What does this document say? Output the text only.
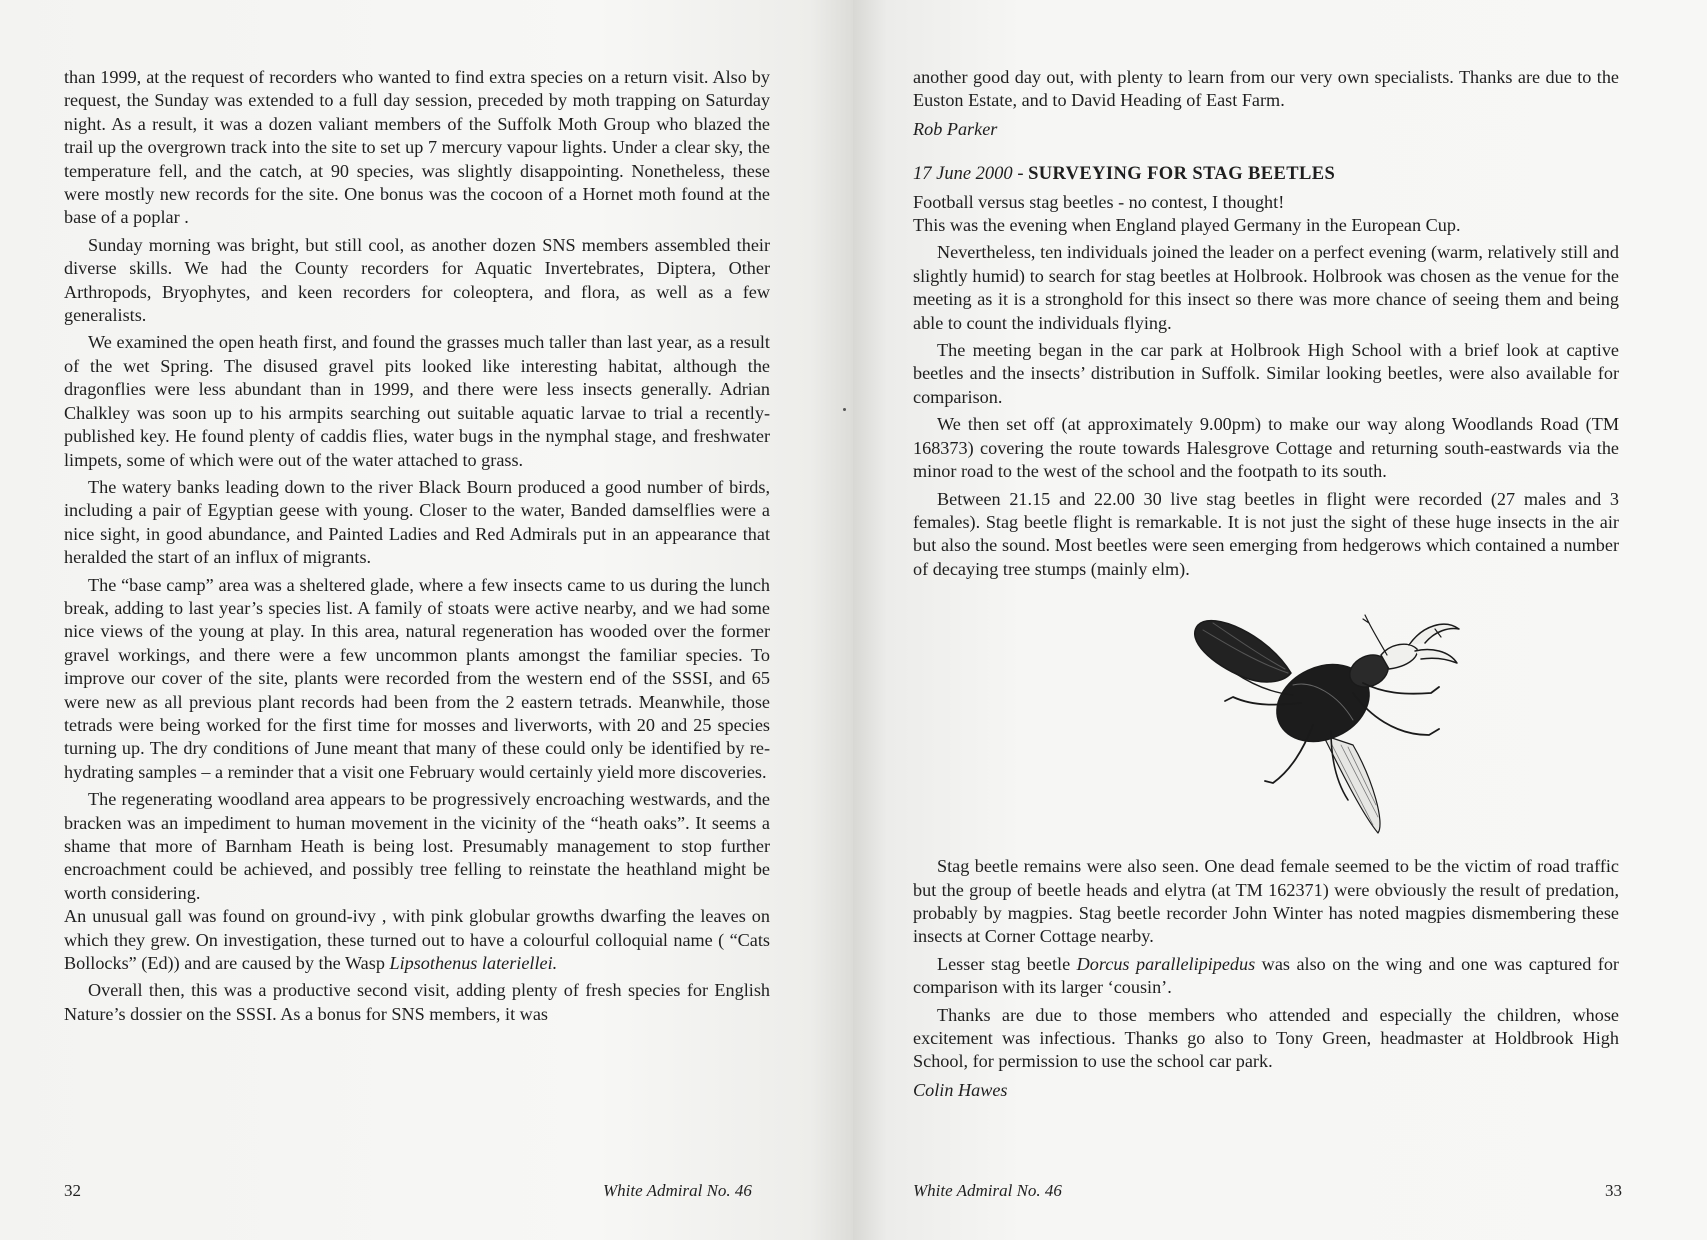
than 1999, at the request of recorders who wanted to find extra species on a return visit. Also by request, the Sunday was extended to a full day session, preceded by moth trapping on Saturday night. As a result, it was a dozen valiant members of the Suffolk Moth Group who blazed the trail up the overgrown track into the site to set up 7 mercury vapour lights. Under a clear sky, the temperature fell, and the catch, at 90 species, was slightly disappointing. Nonetheless, these were mostly new records for the site. One bonus was the cocoon of a Hornet moth found at the base of a poplar .

Sunday morning was bright, but still cool, as another dozen SNS members assembled their diverse skills. We had the County recorders for Aquatic Invertebrates, Diptera, Other Arthropods, Bryophytes, and keen recorders for coleoptera, and flora, as well as a few generalists.

We examined the open heath first, and found the grasses much taller than last year, as a result of the wet Spring. The disused gravel pits looked like interesting habitat, although the dragonflies were less abundant than in 1999, and there were less insects generally. Adrian Chalkley was soon up to his armpits searching out suitable aquatic larvae to trial a recently-published key. He found plenty of caddis flies, water bugs in the nymphal stage, and freshwater limpets, some of which were out of the water attached to grass.

The watery banks leading down to the river Black Bourn produced a good number of birds, including a pair of Egyptian geese with young. Closer to the water, Banded damselflies were a nice sight, in good abundance, and Painted Ladies and Red Admirals put in an appearance that heralded the start of an influx of migrants.

The “base camp” area was a sheltered glade, where a few insects came to us during the lunch break, adding to last year’s species list. A family of stoats were active nearby, and we had some nice views of the young at play. In this area, natural regeneration has wooded over the former gravel workings, and there were a few uncommon plants amongst the familiar species. To improve our cover of the site, plants were recorded from the western end of the SSSI, and 65 were new as all previous plant records had been from the 2 eastern tetrads. Meanwhile, those tetrads were being worked for the first time for mosses and liverworts, with 20 and 25 species turning up. The dry conditions of June meant that many of these could only be identified by re-hydrating samples – a reminder that a visit one February would certainly yield more discoveries.

The regenerating woodland area appears to be progressively encroaching westwards, and the bracken was an impediment to human movement in the vicinity of the “heath oaks”. It seems a shame that more of Barnham Heath is being lost. Presumably management to stop further encroachment could be achieved, and possibly tree felling to reinstate the heathland might be worth considering.

An unusual gall was found on ground-ivy , with pink globular growths dwarfing the leaves on which they grew. On investigation, these turned out to have a colourful colloquial name ( “Cats Bollocks” (Ed)) and are caused by the Wasp Lipsothenus lateriellei.

Overall then, this was a productive second visit, adding plenty of fresh species for English Nature’s dossier on the SSSI. As a bonus for SNS members, it was

32	White Admiral No. 46

another good day out, with plenty to learn from our very own specialists. Thanks are due to the Euston Estate, and to David Heading of East Farm.

Rob Parker

17 June 2000 - SURVEYING FOR STAG BEETLES
Football versus stag beetles - no contest, I thought!
This was the evening when England played Germany in the European Cup.

Nevertheless, ten individuals joined the leader on a perfect evening (warm, relatively still and slightly humid) to search for stag beetles at Holbrook. Holbrook was chosen as the venue for the meeting as it is a stronghold for this insect so there was more chance of seeing them and being able to count the individuals flying.

The meeting began in the car park at Holbrook High School with a brief look at captive beetles and the insects’ distribution in Suffolk. Similar looking beetles, were also available for comparison.

We then set off (at approximately 9.00pm) to make our way along Woodlands Road (TM 168373) covering the route towards Halesgrove Cottage and returning south-eastwards via the minor road to the west of the school and the footpath to its south.

Between 21.15 and 22.00 30 live stag beetles in flight were recorded (27 males and 3 females). Stag beetle flight is remarkable. It is not just the sight of these huge insects in the air but also the sound. Most beetles were seen emerging from hedgerows which contained a number of decaying tree stumps (mainly elm).

Stag beetle remains were also seen. One dead female seemed to be the victim of road traffic but the group of beetle heads and elytra (at TM 162371) were obviously the result of predation, probably by magpies. Stag beetle recorder John Winter has noted magpies dismembering these insects at Corner Cottage nearby.

Lesser stag beetle Dorcus parallelipipedus was also on the wing and one was captured for comparison with its larger ‘cousin’.

Thanks are due to those members who attended and especially the children, whose excitement was infectious. Thanks go also to Tony Green, headmaster at Holdbrook High School, for permission to use the school car park.

Colin Hawes

White Admiral No. 46	33
